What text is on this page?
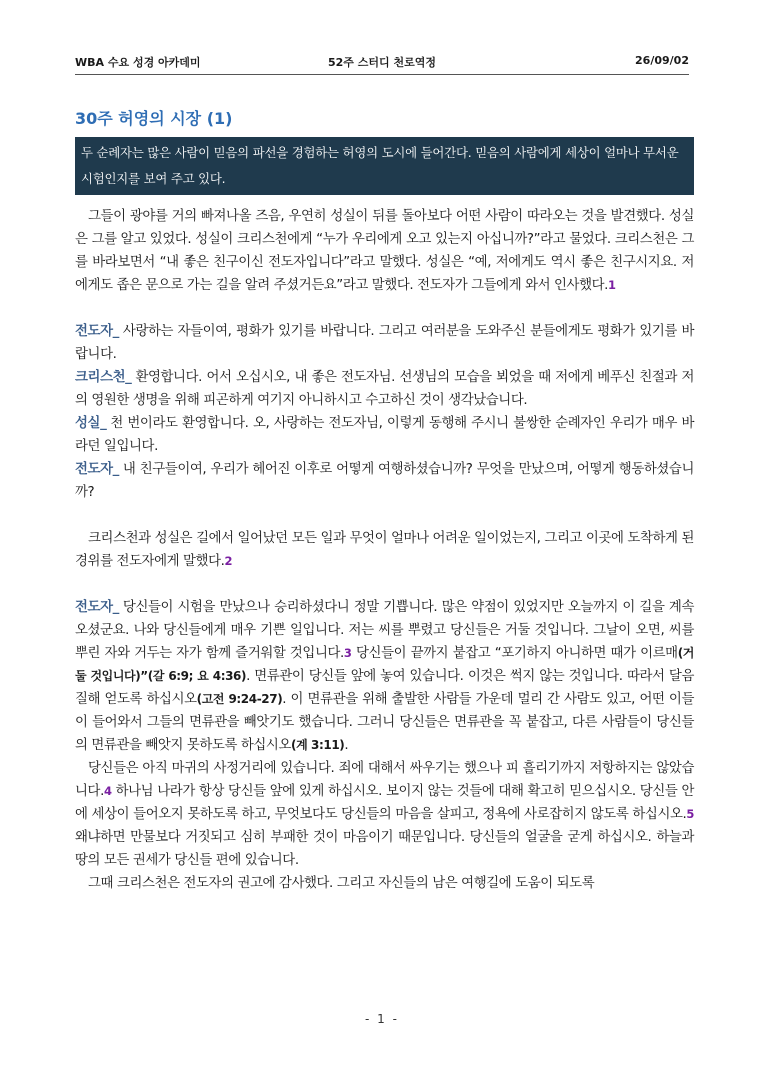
WBA 수요 성경 아카데미	52주 스터디 천로역정	26/09/02
30주 허영의 시장 (1)
두 순례자는 많은 사람이 믿음의 파선을 경험하는 허영의 도시에 들어간다. 믿음의 사람에게 세상이 얼마나 무서운 시험인지를 보여 주고 있다.

그들이 광야를 거의 빠져나올 즈음, 우연히 성실이 뒤를 돌아보다 어떤 사람이 따라오는 것을 발견했다. 성실은 그를 알고 있었다. 성실이 크리스천에게 “누가 우리에게 오고 있는지 아십니까?”라고 물었다. 크리스천은 그를 바라보면서 “내 좋은 친구이신 전도자입니다”라고 말했다. 성실은 “예, 저에게도 역시 좋은 친구시지요. 저에게도 좁은 문으로 가는 길을 알려 주셨거든요”라고 말했다. 전도자가 그들에게 와서 인사했다.1

전도자_ 사랑하는 자들이여, 평화가 있기를 바랍니다. 그리고 여러분을 도와주신 분들에게도 평화가 있기를 바랍니다.

크리스천_ 환영합니다. 어서 오십시오, 내 좋은 전도자님. 선생님의 모습을 뵈었을 때 저에게 베푸신 친절과 저의 영원한 생명을 위해 피곤하게 여기지 아니하시고 수고하신 것이 생각났습니다.

성실_ 천 번이라도 환영합니다. 오, 사랑하는 전도자님, 이렇게 동행해 주시니 불쌍한 순례자인 우리가 매우 바라던 일입니다.

전도자_ 내 친구들이여, 우리가 헤어진 이후로 어떻게 여행하셨습니까? 무엇을 만났으며, 어떻게 행동하셨습니까?

크리스천과 성실은 길에서 일어났던 모든 일과 무엇이 얼마나 어려운 일이었는지, 그리고 이곳에 도착하게 된 경위를 전도자에게 말했다.2

전도자_ 당신들이 시험을 만났으나 승리하셨다니 정말 기쁩니다. 많은 약점이 있었지만 오늘까지 이 길을 계속 오셨군요. 나와 당신들에게 매우 기쁜 일입니다. 저는 씨를 뿌렸고 당신들은 거둘 것입니다. 그날이 오면, 씨를 뿌린 자와 거두는 자가 함께 즐거워할 것입니다.3 당신들이 끝까지 붙잡고 “포기하지 아니하면 때가 이르매(거둘 것입니다)”(갈 6:9; 요 4:36). 면류관이 당신들 앞에 놓여 있습니다. 이것은 썩지 않는 것입니다. 따라서 달음질해 얻도록 하십시오(고전 9:24-27). 이 면류관을 위해 출발한 사람들 가운데 멀리 간 사람도 있고, 어떤 이들이 들어와서 그들의 면류관을 빼앗기도 했습니다. 그러니 당신들은 면류관을 꼭 붙잡고, 다른 사람들이 당신들의 면류관을 빼앗지 못하도록 하십시오(계 3:11).

당신들은 아직 마귀의 사정거리에 있습니다. 죄에 대해서 싸우기는 했으나 피 흘리기까지 저항하지는 않았습니다.4 하나님 나라가 항상 당신들 앞에 있게 하십시오. 보이지 않는 것들에 대해 확고히 믿으십시오. 당신들 안에 세상이 들어오지 못하도록 하고, 무엇보다도 당신들의 마음을 살피고, 정욕에 사로잡히지 않도록 하십시오.5 왜냐하면 만물보다 거짓되고 심히 부패한 것이 마음이기 때문입니다. 당신들의 얼굴을 굳게 하십시오. 하늘과 땅의 모든 권세가 당신들 편에 있습니다.

그때 크리스천은 전도자의 권고에 감사했다. 그리고 자신들의 남은 여행길에 도움이 되도록

- 1 -
